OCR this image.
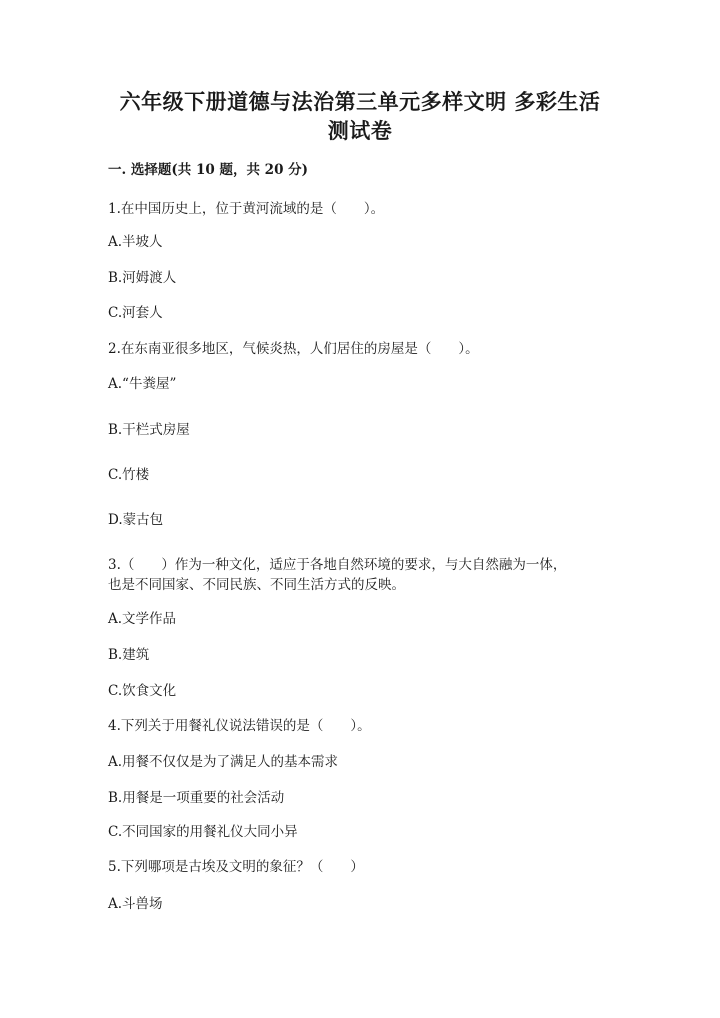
六年级下册道德与法治第三单元多样文明 多彩生活
测试卷
一. 选择题(共 10 题，共 20 分)
1.在中国历史上，位于黄河流域的是（　　）。
A.半坡人
B.河姆渡人
C.河套人
2.在东南亚很多地区，气候炎热，人们居住的房屋是（　　）。
A.“牛粪屋”
B.干栏式房屋
C.竹楼
D.蒙古包
3.（　　）作为一种文化，适应于各地自然环境的要求，与大自然融为一体，
也是不同国家、不同民族、不同生活方式的反映。
A.文学作品
B.建筑
C.饮食文化
4.下列关于用餐礼仪说法错误的是（　　）。
A.用餐不仅仅是为了满足人的基本需求
B.用餐是一项重要的社会活动
C.不同国家的用餐礼仪大同小异
5.下列哪项是古埃及文明的象征？（　　）
A.斗兽场
